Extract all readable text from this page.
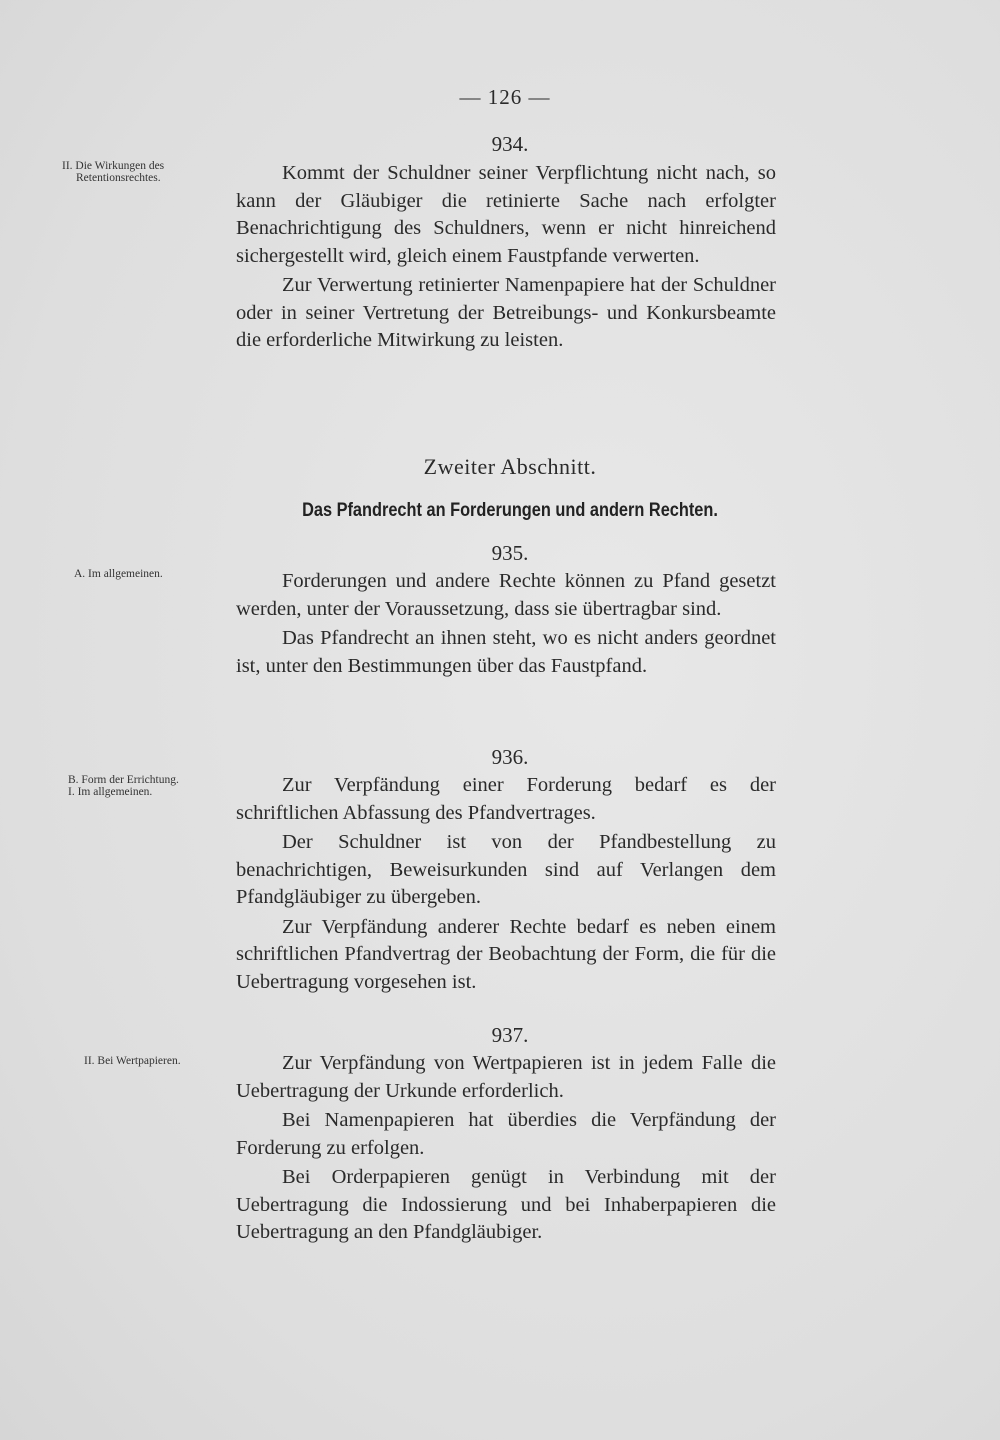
— 126 —
II. Die Wirkungen des
Retentionsrechtes.
934.

Kommt der Schuldner seiner Verpflichtung nicht nach, so kann der Gläubiger die retinierte Sache nach erfolgter Benachrichtigung des Schuldners, wenn er nicht hinreichend sichergestellt wird, gleich einem Faustpfande verwerten.

Zur Verwertung retinierter Namenpapiere hat der Schuldner oder in seiner Vertretung der Betreibungs- und Konkursbeamte die erforderliche Mitwirkung zu leisten.

Zweiter Abschnitt.
Das Pfandrecht an Forderungen und andern Rechten.
A. Im allgemeinen.
935.

Forderungen und andere Rechte können zu Pfand gesetzt werden, unter der Voraussetzung, dass sie übertragbar sind.

Das Pfandrecht an ihnen steht, wo es nicht anders geordnet ist, unter den Bestimmungen über das Faustpfand.

B. Form der Errichtung.
I. Im allgemeinen.
936.

Zur Verpfändung einer Forderung bedarf es der schriftlichen Abfassung des Pfandvertrages.

Der Schuldner ist von der Pfandbestellung zu benachrichtigen, Beweisurkunden sind auf Verlangen dem Pfandgläubiger zu übergeben.

Zur Verpfändung anderer Rechte bedarf es neben einem schriftlichen Pfandvertrag der Beobachtung der Form, die für die Uebertragung vorgesehen ist.

II. Bei Wertpapieren.
937.

Zur Verpfändung von Wertpapieren ist in jedem Falle die Uebertragung der Urkunde erforderlich.

Bei Namenpapieren hat überdies die Verpfändung der Forderung zu erfolgen.

Bei Orderpapieren genügt in Verbindung mit der Uebertragung die Indossierung und bei Inhaberpapieren die Uebertragung an den Pfandgläubiger.
